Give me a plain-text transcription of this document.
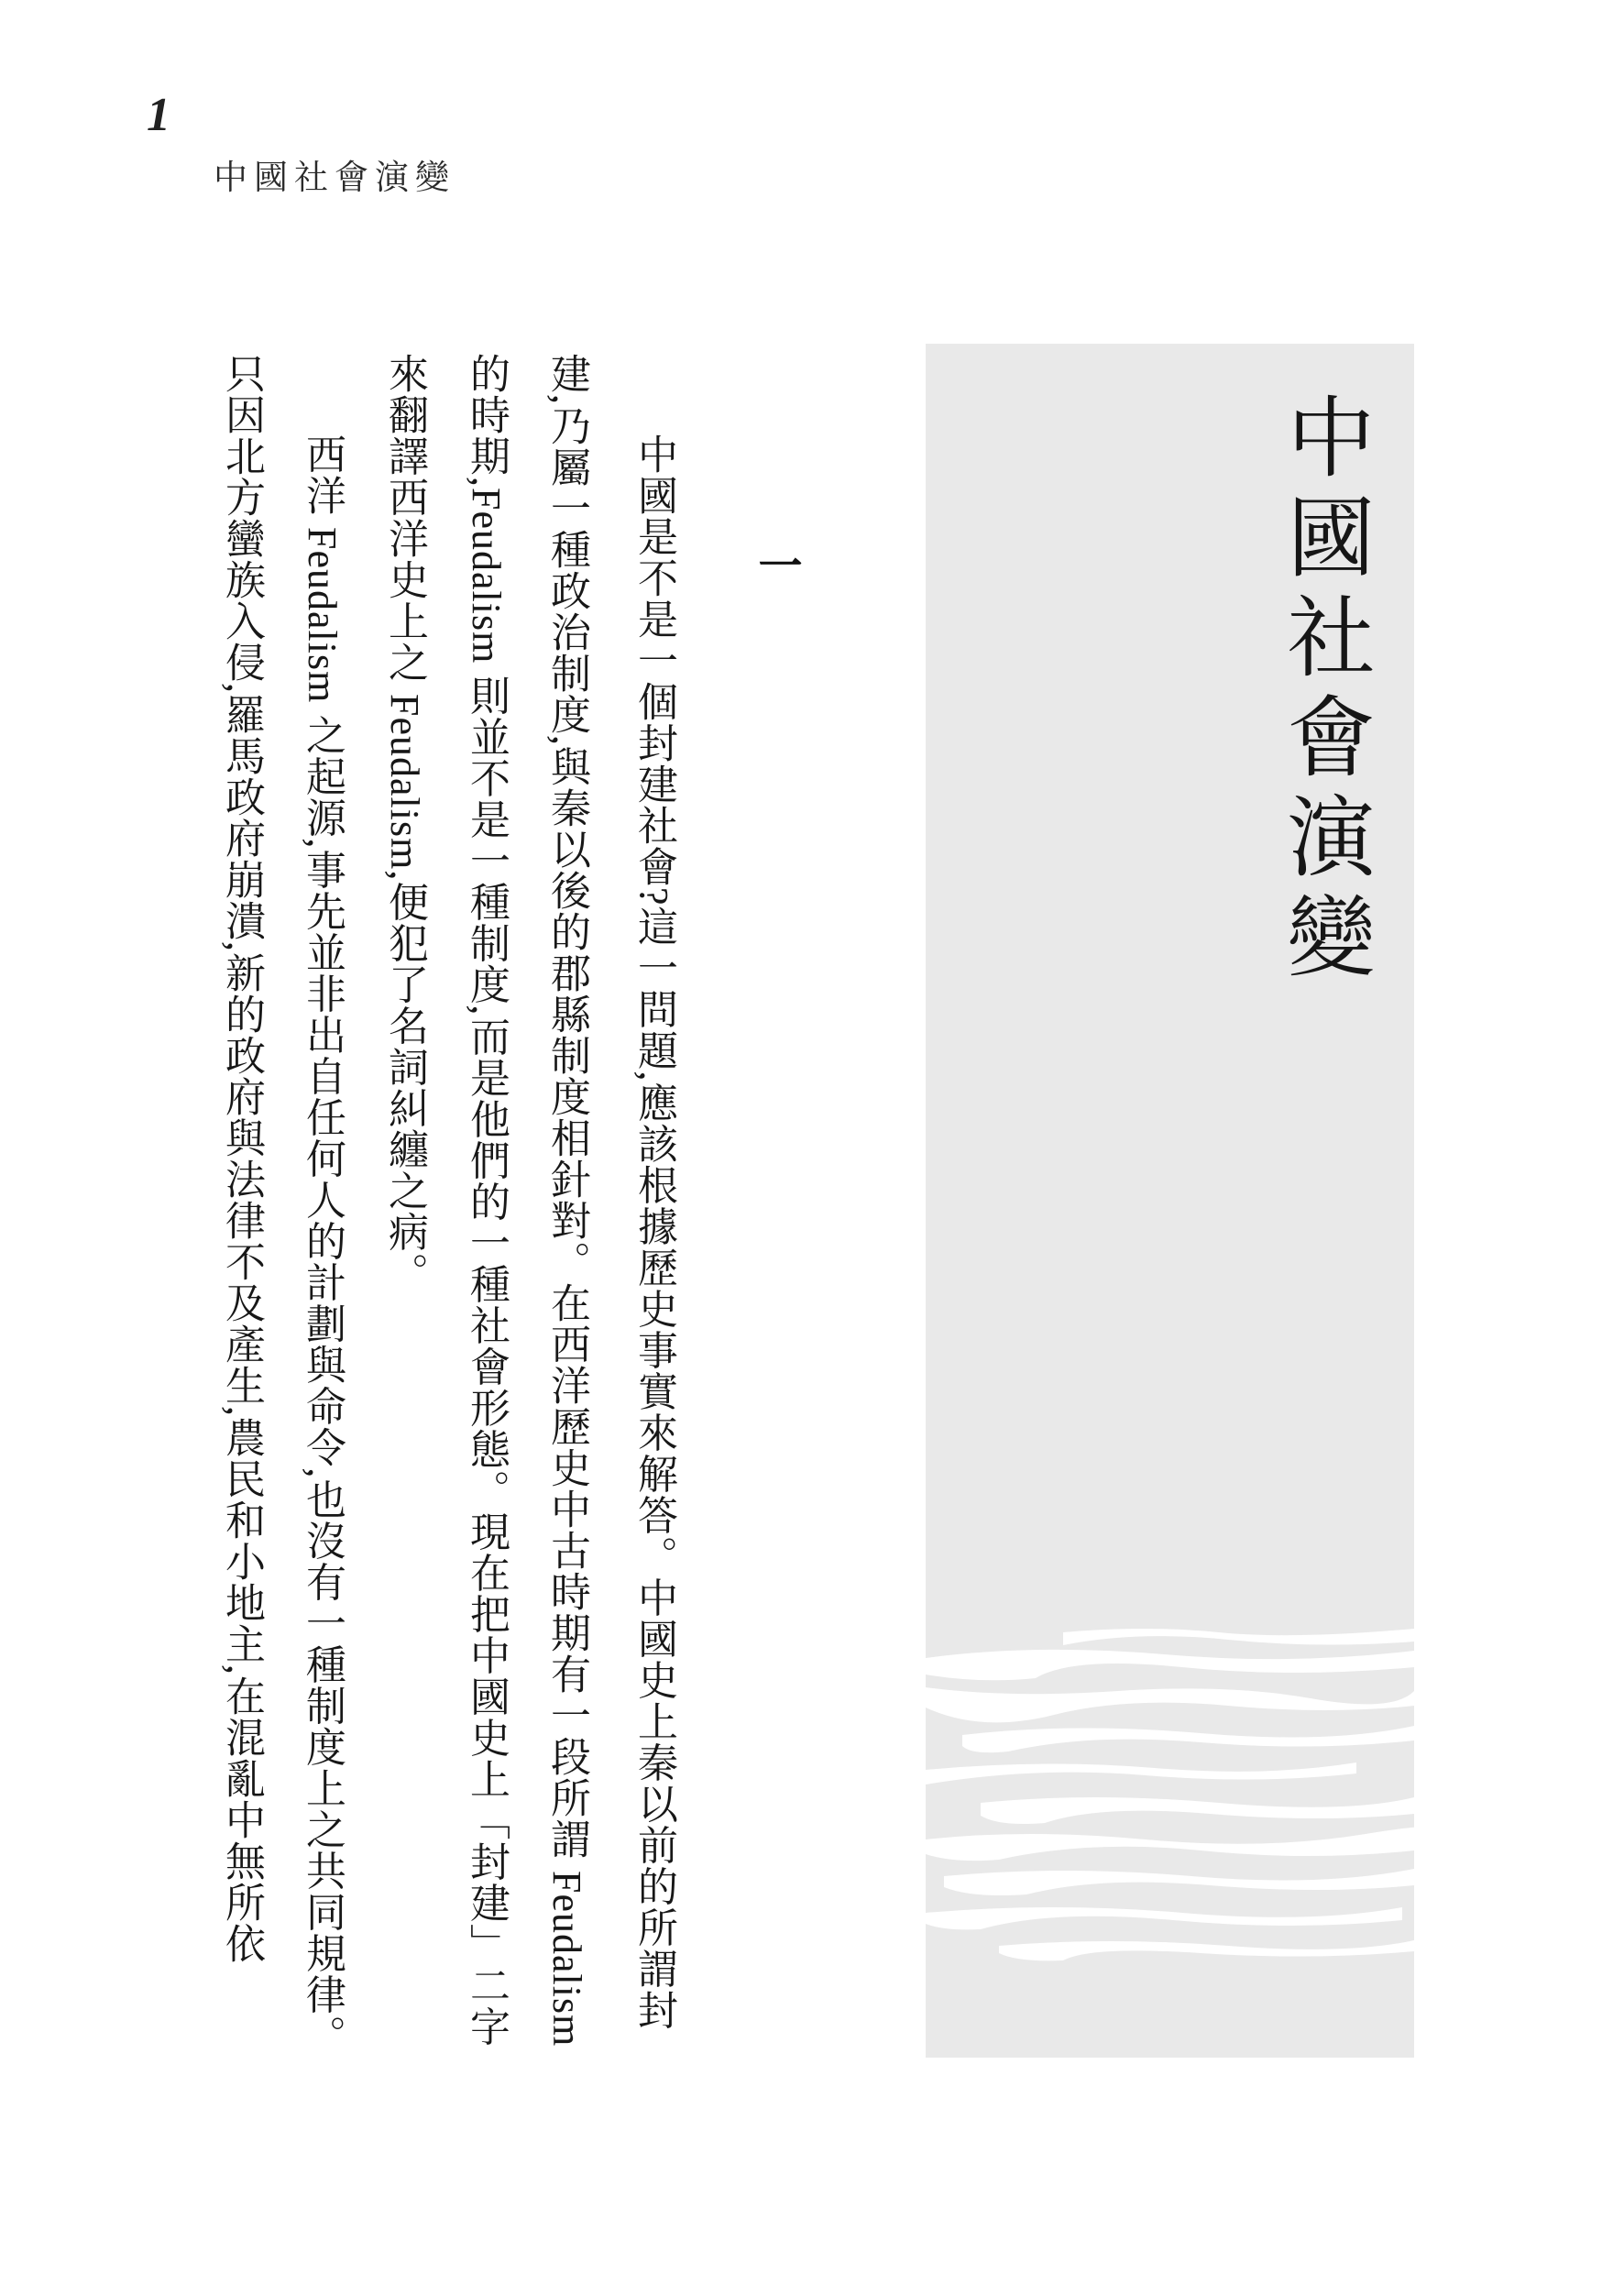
1
中國社會演變
中國社會演變
一
中國是不是一個封建社會?這一問題,應該根據歷史事實來解答。中國史上秦以前的所謂封
建,乃屬一種政治制度,與秦以後的郡縣制度相針對。在西洋歷史中古時期有一段所謂 Feudalism
的時期,Feudalism 則並不是一種制度,而是他們的一種社會形態。現在把中國史上「封建」二字
來翻譯西洋史上之 Feudalism,便犯了名詞糾纏之病。
西洋 Feudalism 之起源,事先並非出自任何人的計劃與命令,也沒有一種制度上之共同規律。
只因北方蠻族入侵,羅馬政府崩潰,新的政府與法律不及產生,農民和小地主,在混亂中無所依
